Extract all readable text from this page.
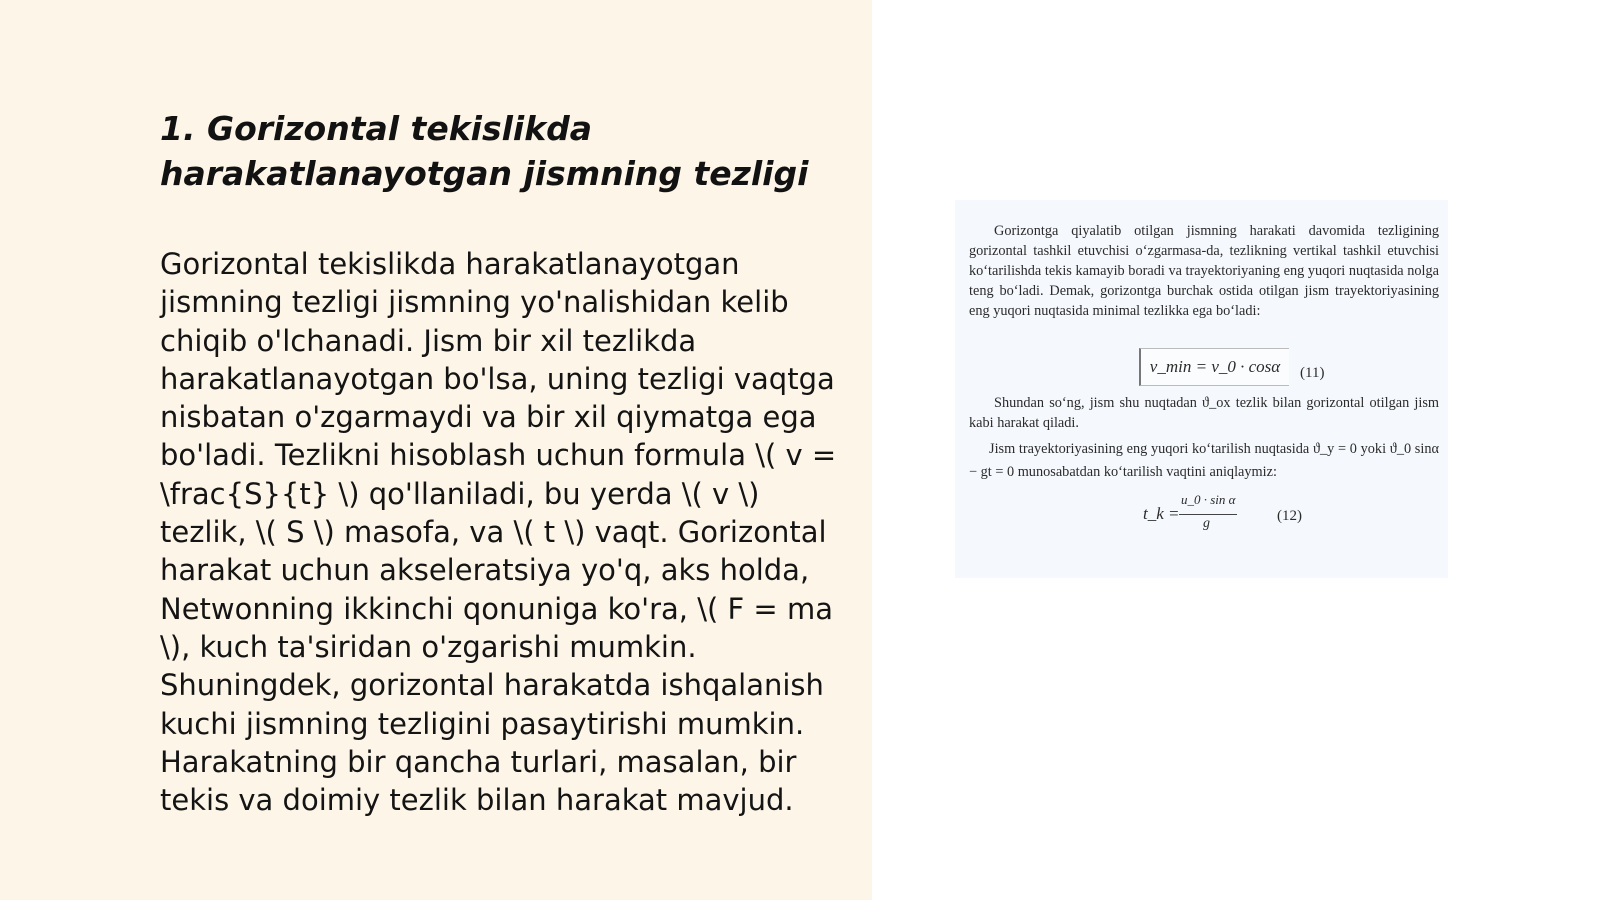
1. Gorizontal tekislikda harakatlanayotgan jismning tezligi

Gorizontal tekislikda harakatlanayotgan jismning tezligi jismning yo'nalishidan kelib chiqib o'lchanadi. Jism bir xil tezlikda harakatlanayotgan bo'lsa, uning tezligi vaqtga nisbatan o'zgarmaydi va bir xil qiymatga ega bo'ladi. Tezlikni hisoblash uchun formula \( v = \frac{S}{t} \) qo'llaniladi, bu yerda \( v \) tezlik, \( S \) masofa, va \( t \) vaqt. Gorizontal harakat uchun akseleratsiya yo'q, aks holda, Netwonning ikkinchi qonuniga ko'ra, \( F = ma \), kuch ta'siridan o'zgarishi mumkin. Shuningdek, gorizontal harakatda ishqalanish kuchi jismning tezligini pasaytirishi mumkin. Harakatning bir qancha turlari, masalan, bir tekis va doimiy tezlik bilan harakat mavjud.

Gorizontga qiyalatib otilgan jismning harakati davomida tezligining gorizontal tashkil etuvchisi o‘zgarmasa-da, tezlikning vertikal tashkil etuvchisi ko‘tarilishda tekis kamayib boradi va trayektoriyaning eng yuqori nuqtasida nolga teng bo‘ladi. Demak, gorizontga burchak ostida otilgan jism trayektoriyasining eng yuqori nuqtasida minimal tezlikka ega bo‘ladi:

v_min = v_0 · cosα	(11)

Shundan so‘ng, jism shu nuqtadan ϑ_ox tezlik bilan gorizontal otilgan jism kabi harakat qiladi.

Jism trayektoriyasining eng yuqori ko‘tarilish nuqtasida ϑ_y = 0 yoki ϑ_0 sinα − gt = 0 munosabatdan ko‘tarilish vaqtini aniqlaymiz:

t_k =
u_0 · sin α
g	(12)
